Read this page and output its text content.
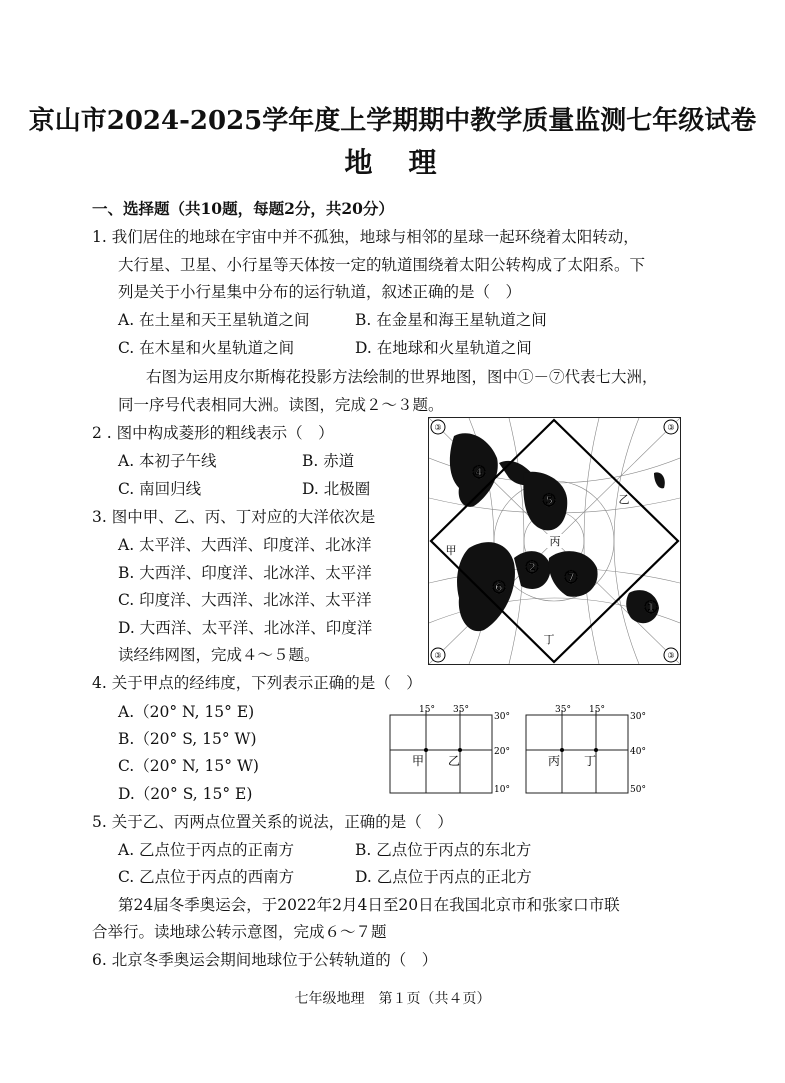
京山市2024-2025学年度上学期期中教学质量监测七年级试卷
地　理
一、选择题（共10题，每题2分，共20分）
1. 我们居住的地球在宇宙中并不孤独，地球与相邻的星球一起环绕着太阳转动，
大行星、卫星、小行星等天体按一定的轨道围绕着太阳公转构成了太阳系。下
列是关于小行星集中分布的运行轨道，叙述正确的是（　）
A. 在土星和天王星轨道之间	B. 在金星和海王星轨道之间
C. 在木星和火星轨道之间	D. 在地球和火星轨道之间
右图为运用皮尔斯梅花投影方法绘制的世界地图，图中①－⑦代表七大洲，
同一序号代表相同大洲。读图，完成２～３题。
2 . 图中构成菱形的粗线表示（　）
A. 本初子午线	B. 赤道
C. 南回归线	D. 北极圈
3. 图中甲、乙、丙、丁对应的大洋依次是
A. 太平洋、大西洋、印度洋、北冰洋
B. 大西洋、印度洋、北冰洋、太平洋
C. 印度洋、大西洋、北冰洋、太平洋
D. 大西洋、太平洋、北冰洋、印度洋
读经纬网图，完成４～５题。
④
⑤
⑥
② ⑦
①
③	③
③	③
丙
乙
甲
丁
4. 关于甲点的经纬度，下列表示正确的是（　）
A.（20° N, 15° E)
B.（20° S, 15° W)
C.（20° N, 15° W)
D.（20° S, 15° E)
15° 35°
30°
20°
10°
35° 15°
30°
40°
50°
甲 乙	丙 丁
5. 关于乙、丙两点位置关系的说法，正确的是（　）
A. 乙点位于丙点的正南方	B. 乙点位于丙点的东北方
C. 乙点位于丙点的西南方	D. 乙点位于丙点的正北方
第24届冬季奥运会，于2022年2月4日至20日在我国北京市和张家口市联
合举行。读地球公转示意图，完成６～７题
6. 北京冬季奥运会期间地球位于公转轨道的（　）
七年级地理　第１页（共４页）
